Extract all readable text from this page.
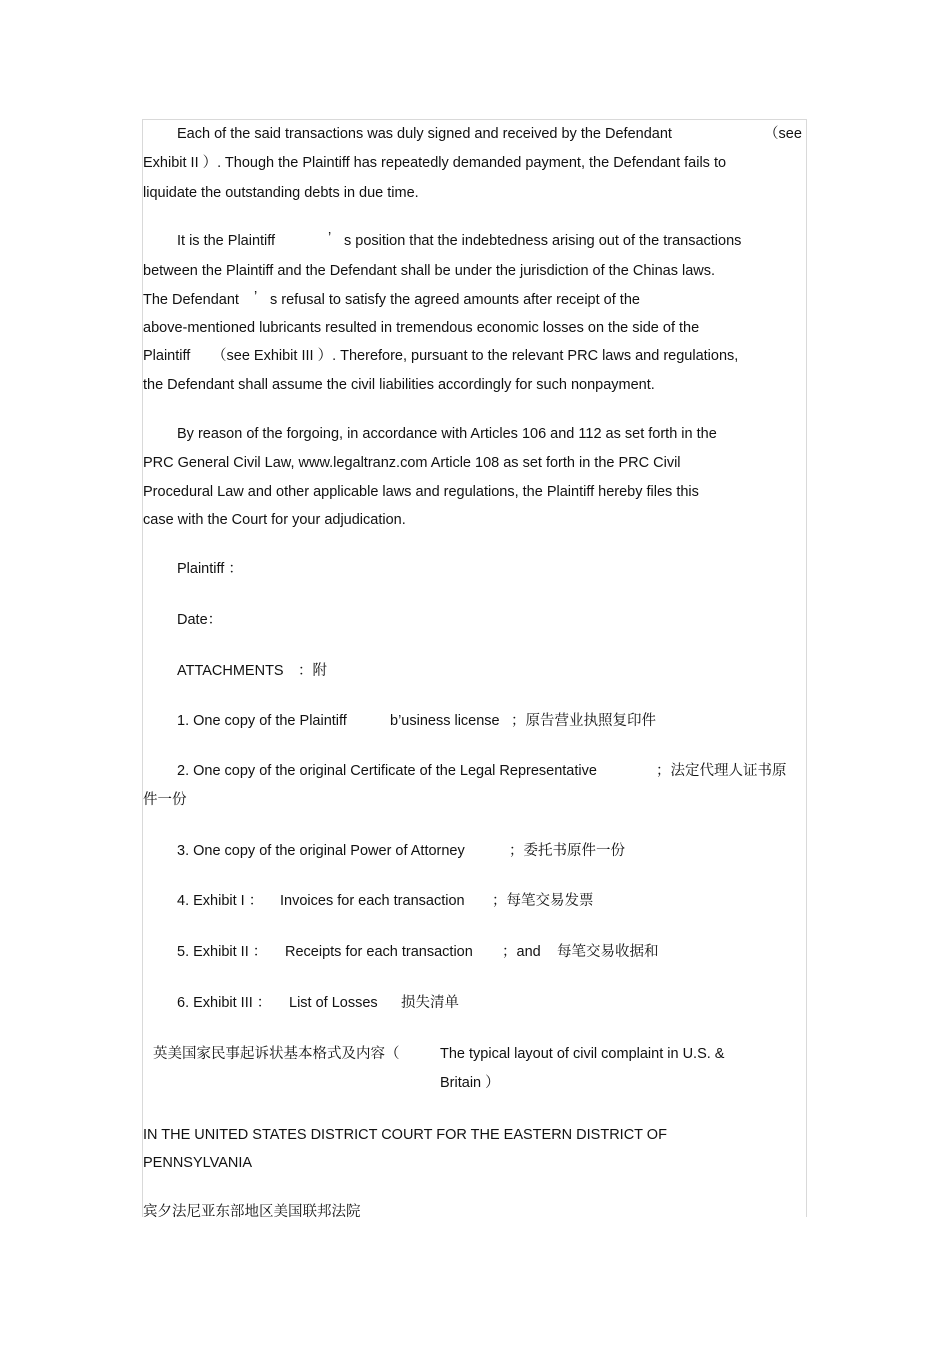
Each of the said transactions was duly signed and received by the Defendant	（see
Exhibit II ）. Though the Plaintiff has repeatedly demanded payment, the Defendant fails to
liquidate the outstanding debts in due time.
It is the Plaintiff	’ s position that the indebtedness arising out of the transactions
between the Plaintiff and the Defendant shall be under the jurisdiction of the Chinas laws.
The Defendant ’ s refusal to satisfy the agreed amounts after receipt of the
above-mentioned lubricants resulted in tremendous economic losses on the side of the
Plaintiff （see Exhibit III ）. Therefore, pursuant to the relevant PRC laws and regulations,
the Defendant shall assume the civil liabilities accordingly for such nonpayment.
By reason of the forgoing, in accordance with Articles 106 and 112 as set forth in the
PRC General Civil Law, www.legaltranz.com Article 108 as set forth in the PRC Civil
Procedural Law and other applicable laws and regulations, the Plaintiff hereby files this
case with the Court for your adjudication.
Plaintiff ：
Date：
ATTACHMENTS ：附
1. One copy of the Plaintiff	b’usiness license ；原告营业执照复印件
2. One copy of the original Certificate of the Legal Representative	；法定代理人证书原
件一份
3. One copy of the original Power of Attorney	；委托书原件一份
4. Exhibit I ： Invoices for each transaction ；每笔交易发票
5. Exhibit II ： Receipts for each transaction ；and 每笔交易收据和
6. Exhibit III ： List of Losses 损失清单
英美国家民事起诉状基本格式及内容（	The typical layout of civil complaint in U.S. &
Britain ）
IN THE UNITED STATES DISTRICT COURT FOR THE EASTERN DISTRICT OF
PENNSYLVANIA
宾夕法尼亚东部地区美国联邦法院
